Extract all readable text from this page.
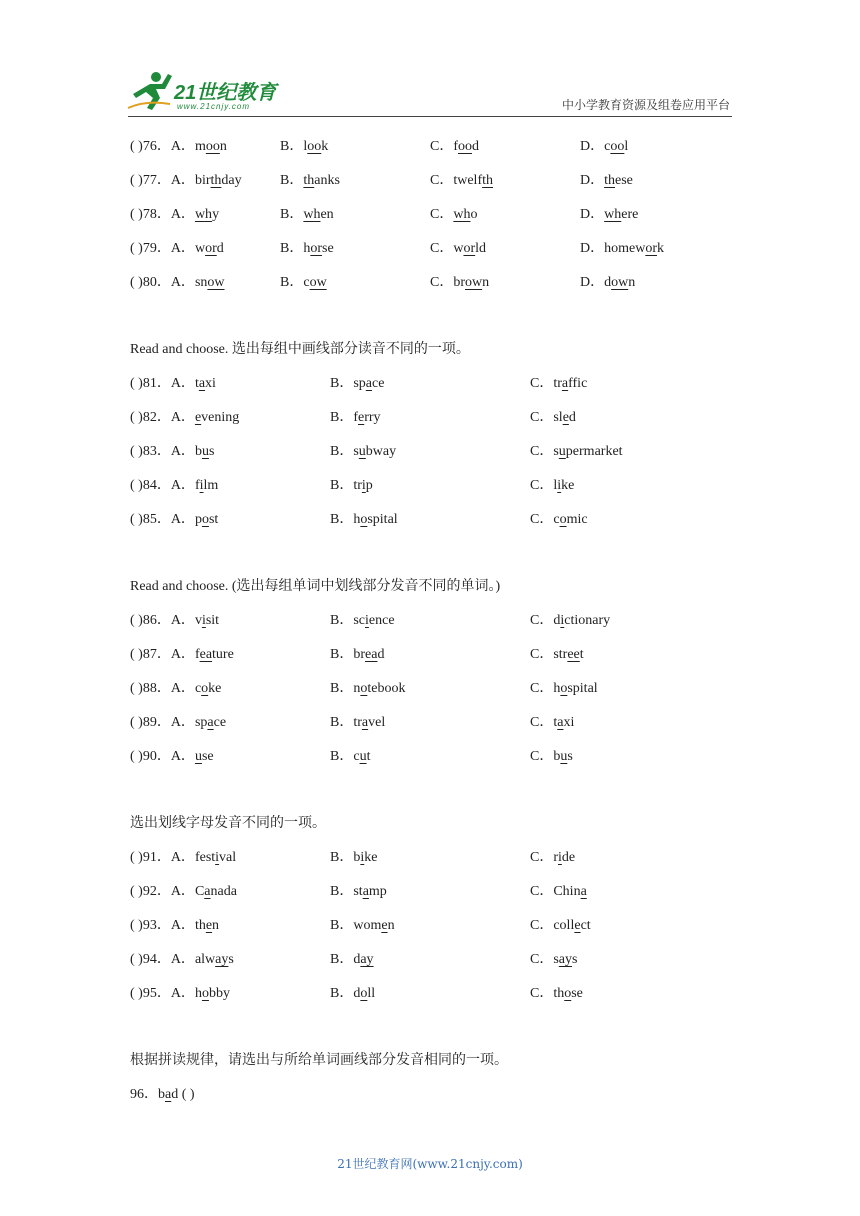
21世纪教育
www.21cnjy.com	中小学教育资源及组卷应用平台
( )76．A．moon	B．look	C．food	D．cool
( )77．A．birthday	B．thanks	C．twelfth	D．these
( )78．A．why	B．when	C．who	D．where
( )79．A．word	B．horse	C．world	D．homework
( )80．A．snow	B．cow	C．brown	D．down
Read and choose. 选出每组中画线部分读音不同的一项。
( )81．A．taxi	B．space	C．traffic
( )82．A．evening	B．ferry	C．sled
( )83．A．bus	B．subway	C．supermarket
( )84．A．film	B．trip	C．like
( )85．A．post	B．hospital	C．comic
Read and choose. (选出每组单词中划线部分发音不同的单词。)
( )86．A．visit	B．science	C．dictionary
( )87．A．feature	B．bread	C．street
( )88．A．coke	B．notebook	C．hospital
( )89．A．space	B．travel	C．taxi
( )90．A．use	B．cut	C．bus
选出划线字母发音不同的一项。
( )91．A．festival	B．bike	C．ride
( )92．A．Canada	B．stamp	C．China
( )93．A．then	B．women	C．collect
( )94．A．always	B．day	C．says
( )95．A．hobby	B．doll	C．those
根据拼读规律，请选出与所给单词画线部分发音相同的一项。
96．bad ( )
21世纪教育网(www.21cnjy.com)
